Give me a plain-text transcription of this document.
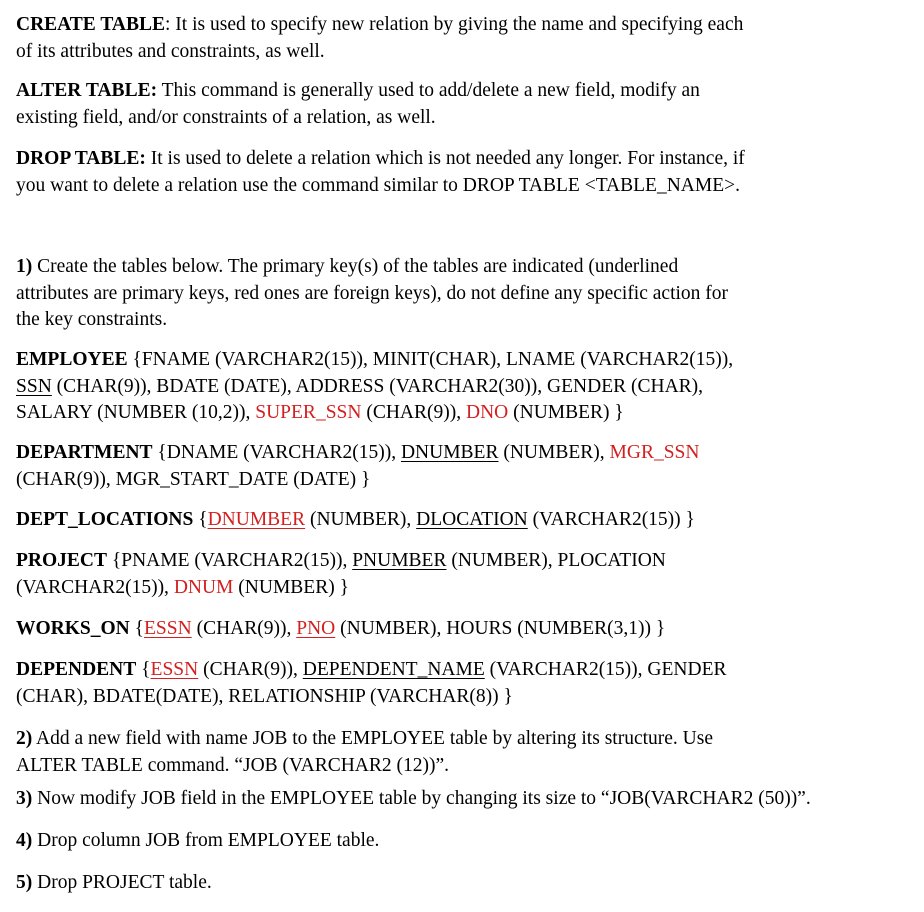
CREATE TABLE: It is used to specify new relation by giving the name and specifying each
of its attributes and constraints, as well.
ALTER TABLE: This command is generally used to add/delete a new field, modify an
existing field, and/or constraints of a relation, as well.
DROP TABLE: It is used to delete a relation which is not needed any longer. For instance, if
you want to delete a relation use the command similar to DROP TABLE <TABLE_NAME>.
1) Create the tables below. The primary key(s) of the tables are indicated (underlined
attributes are primary keys, red ones are foreign keys), do not define any specific action for
the key constraints.
EMPLOYEE {FNAME (VARCHAR2(15)), MINIT(CHAR), LNAME (VARCHAR2(15)),
SSN (CHAR(9)), BDATE (DATE), ADDRESS (VARCHAR2(30)), GENDER (CHAR),
SALARY (NUMBER (10,2)), SUPER_SSN (CHAR(9)), DNO (NUMBER) }
DEPARTMENT {DNAME (VARCHAR2(15)), DNUMBER (NUMBER), MGR_SSN
(CHAR(9)), MGR_START_DATE (DATE) }
DEPT_LOCATIONS {DNUMBER (NUMBER), DLOCATION (VARCHAR2(15)) }
PROJECT {PNAME (VARCHAR2(15)), PNUMBER (NUMBER), PLOCATION
(VARCHAR2(15)), DNUM (NUMBER) }
WORKS_ON {ESSN (CHAR(9)), PNO (NUMBER), HOURS (NUMBER(3,1)) }
DEPENDENT {ESSN (CHAR(9)), DEPENDENT_NAME (VARCHAR2(15)), GENDER
(CHAR), BDATE(DATE), RELATIONSHIP (VARCHAR(8)) }
2) Add a new field with name JOB to the EMPLOYEE table by altering its structure. Use
ALTER TABLE command. “JOB (VARCHAR2 (12))”.
3) Now modify JOB field in the EMPLOYEE table by changing its size to “JOB(VARCHAR2 (50))”.
4) Drop column JOB from EMPLOYEE table.
5) Drop PROJECT table.
